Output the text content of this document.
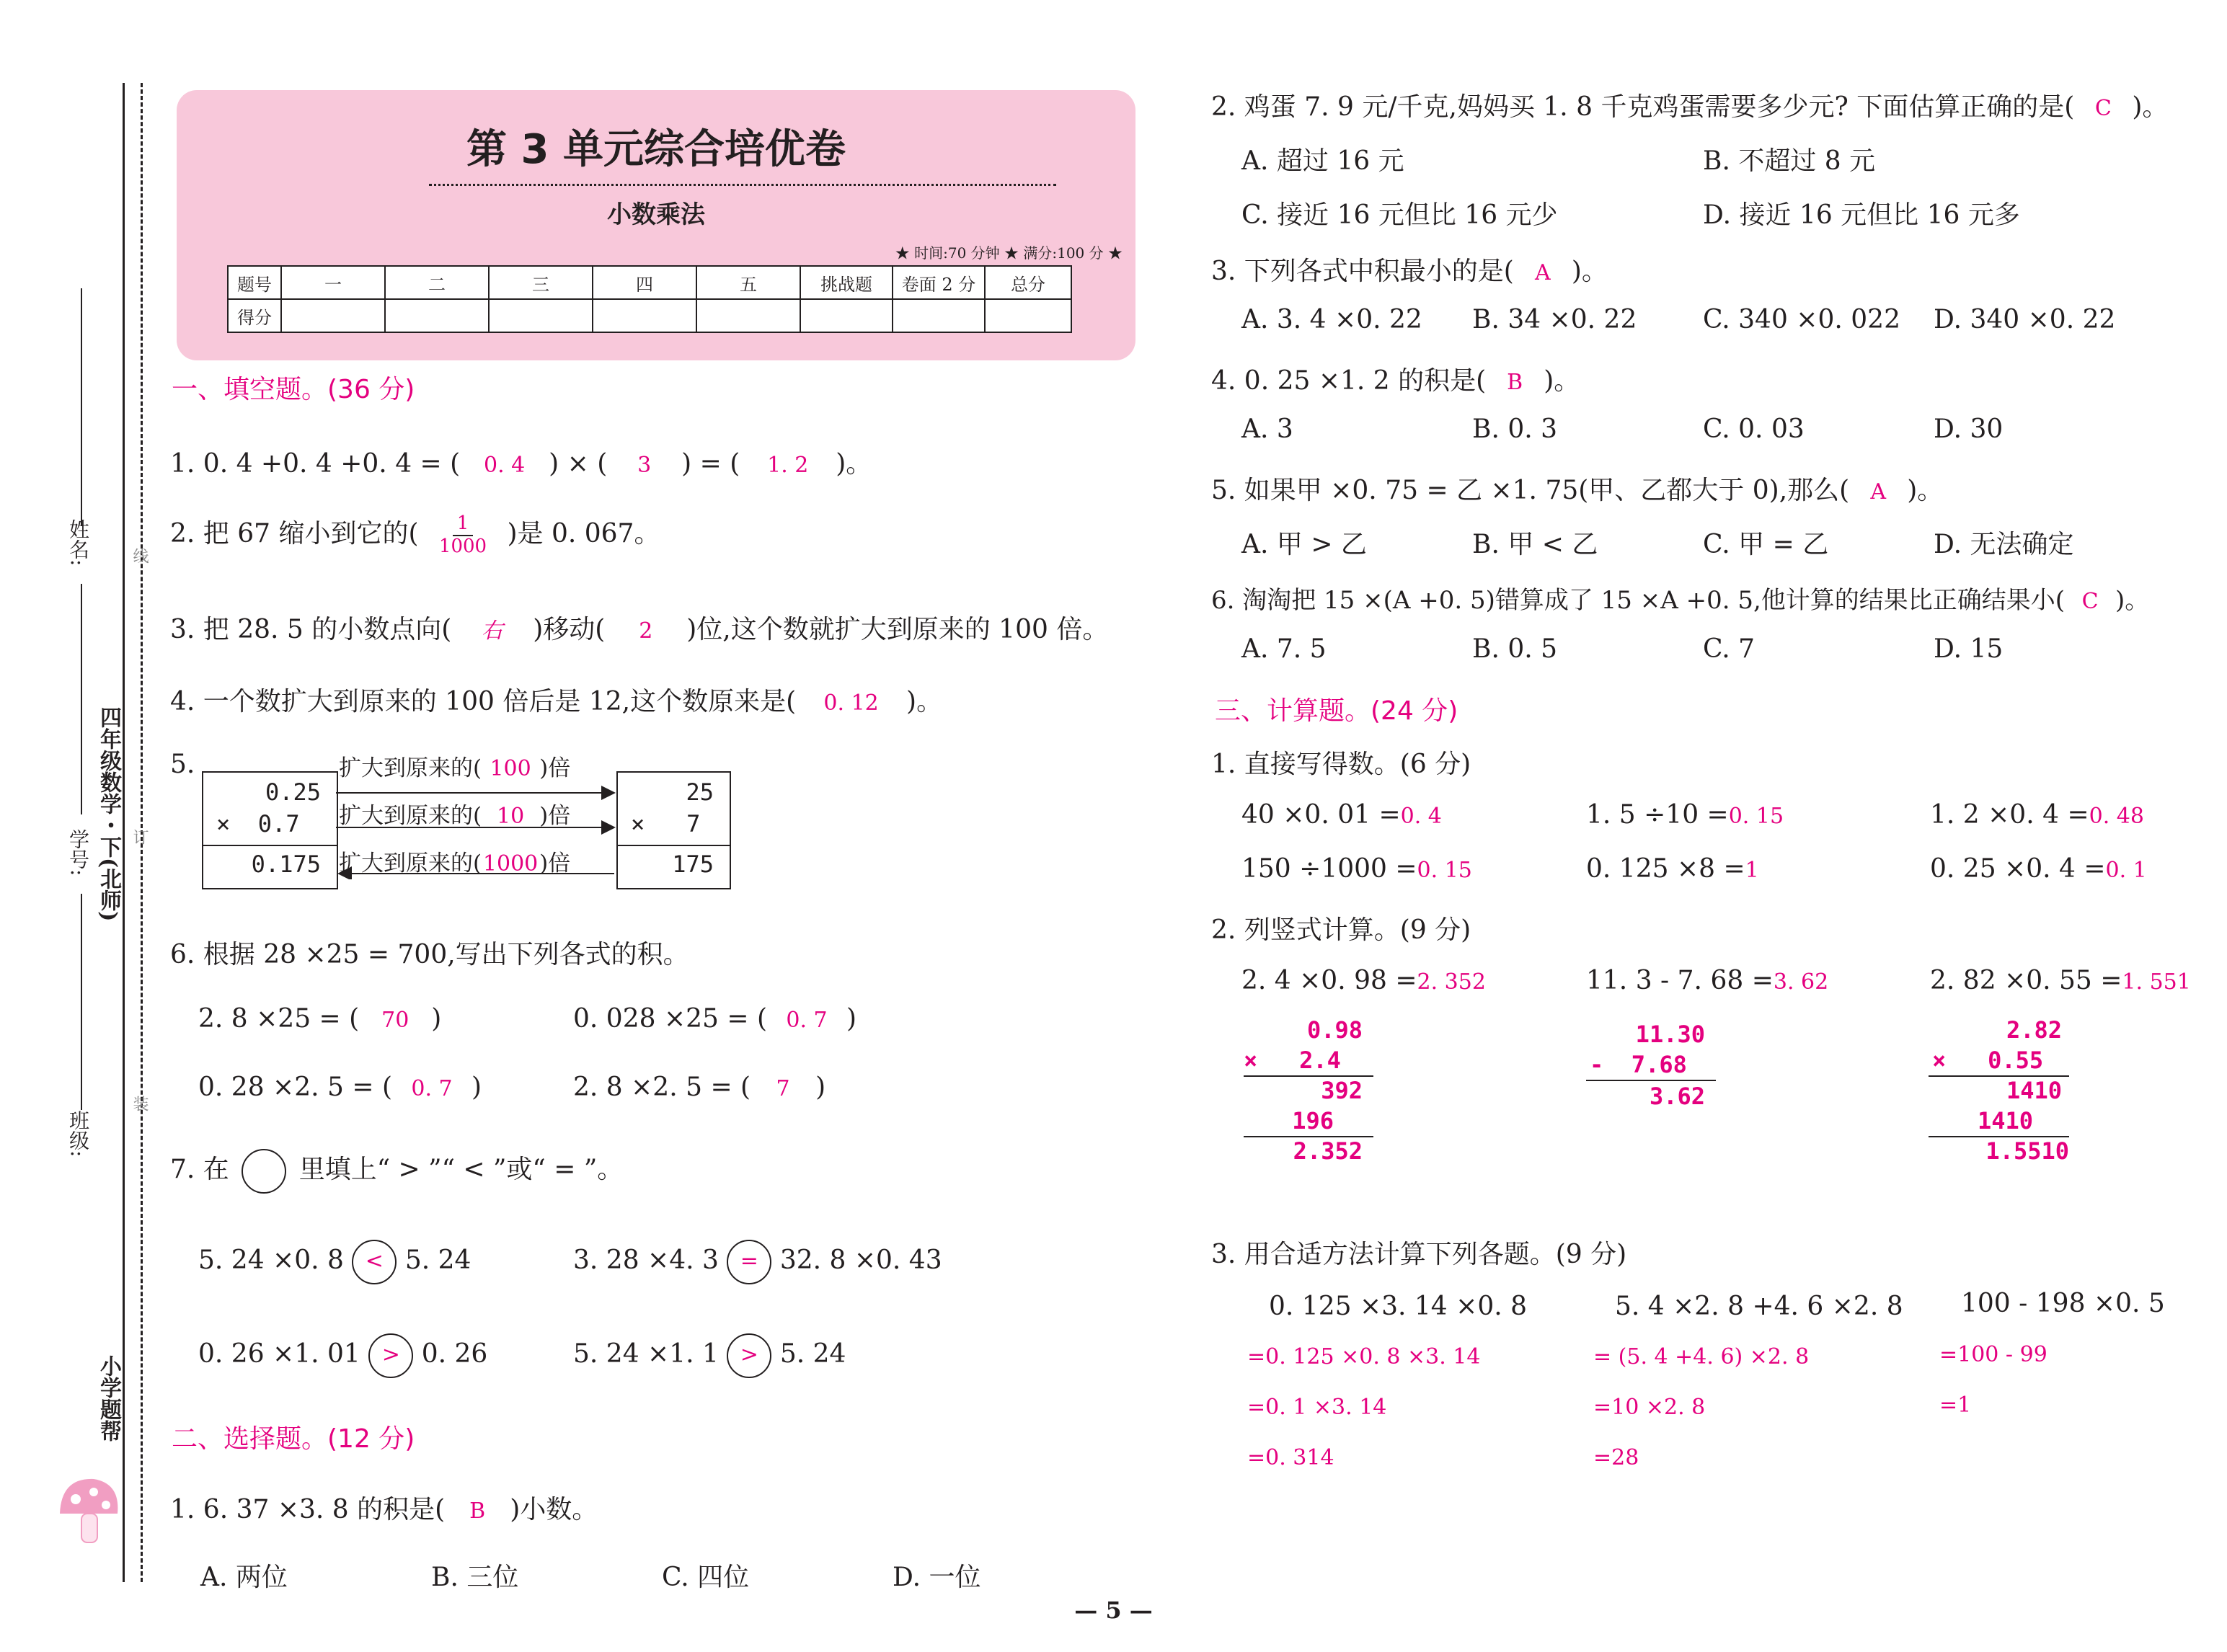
姓名:
学号:
班级:
四年级数学・下(北师)
小学题帮
线
订
装
第 3 单元综合培优卷
小数乘法
★ 时间:70 分钟 ★ 满分:100 分 ★
题号	一	二	三	四	五	挑战题	卷面 2 分	总分
得分								
一、填空题。(36 分)
1. 0. 4 +0. 4 +0. 4 = ( 0. 4 ) × ( 3 ) = ( 1. 2 )。
2. 把 67 缩小到它的( $\frac{1}{1000}$ )是 0. 067。
3. 把 28. 5 的小数点向( 右 )移动( 2 )位,这个数就扩大到原来的 100 倍。
4. 一个数扩大到原来的 100 倍后是 12,这个数原来是( 0. 12 )。
5.
0.25
×  0.7
0.175
25
×   7
175
扩大到原来的( 100 )倍
扩大到原来的( 10 )倍
扩大到原来的(1000)倍
6. 根据 28 ×25 = 700,写出下列各式的积。
2. 8 ×25 = ( 70 )	0. 028 ×25 = ( 0. 7 )
0. 28 ×2. 5 = ( 0. 7 )	2. 8 ×2. 5 = ( 7 )
7. 在	里填上“ > ”“ < ”或“ = ”。
5. 24 ×0. 8 < 5. 24	3. 28 ×4. 3 = 32. 8 ×0. 43
0. 26 ×1. 01 > 0. 26	5. 24 ×1. 1 > 5. 24
二、选择题。(12 分)
1. 6. 37 ×3. 8 的积是( B )小数。
A. 两位	B. 三位	C. 四位	D. 一位
2. 鸡蛋 7. 9 元/千克,妈妈买 1. 8 千克鸡蛋需要多少元? 下面估算正确的是( C )。
A. 超过 16 元	B. 不超过 8 元
C. 接近 16 元但比 16 元少	D. 接近 16 元但比 16 元多
3. 下列各式中积最小的是( A )。
A. 3. 4 ×0. 22 B. 34 ×0. 22	C. 340 ×0. 022 D. 340 ×0. 22
4. 0. 25 ×1. 2 的积是( B )。
A. 3	B. 0. 3	C. 0. 03	D. 30
5. 如果甲 ×0. 75 = 乙 ×1. 75(甲、乙都大于 0),那么( A )。
A. 甲 > 乙	B. 甲 < 乙	C. 甲 = 乙	D. 无法确定
6. 淘淘把 15 ×(A +0. 5)错算成了 15 ×A +0. 5,他计算的结果比正确结果小( C )。
A. 7. 5	B. 0. 5	C. 7	D. 15
三、计算题。(24 分)
1. 直接写得数。(6 分)
40 ×0. 01 =0. 4	1. 5 ÷10 =0. 15	1. 2 ×0. 4 =0. 48
150 ÷1000 =0. 15	0. 125 ×8 =1	0. 25 ×0. 4 =0. 1
2. 列竖式计算。(9 分)
2. 4 ×0. 98 =2. 352	11. 3 - 7. 68 =3. 62	2. 82 ×0. 55 =1. 551
0.98
×   2.4
392
196
2.352
11.30
-  7.68
3.62
2.82
×   0.55
1410
1410
1.5510
3. 用合适方法计算下列各题。(9 分)
0. 125 ×3. 14 ×0. 8
=0. 125 ×0. 8 ×3. 14
=0. 1 ×3. 14
=0. 314
5. 4 ×2. 8 +4. 6 ×2. 8
= (5. 4 +4. 6) ×2. 8
=10 ×2. 8
=28
100 - 198 ×0. 5
=100 - 99
=1
— 5 —
